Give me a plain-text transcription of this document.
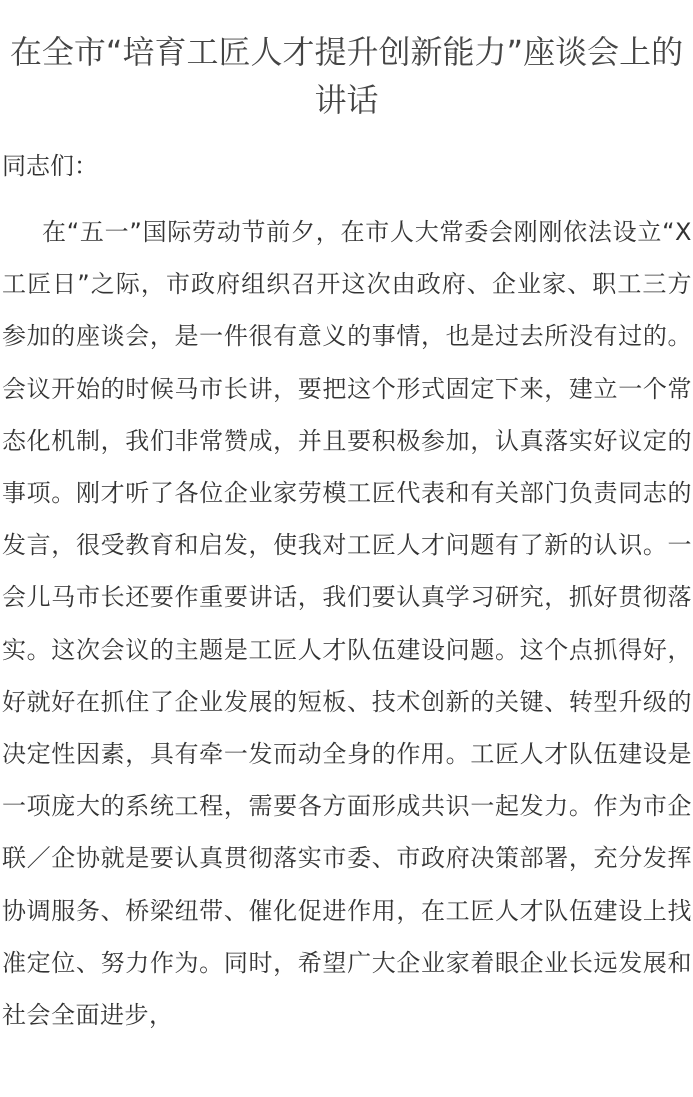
在全市“培育工匠人才提升创新能力”座谈会上的讲话

同志们：

在“五一”国际劳动节前夕，在市人大常委会刚刚依法设立“X工匠日”之际，市政府组织召开这次由政府、企业家、职工三方参加的座谈会，是一件很有意义的事情，也是过去所没有过的。会议开始的时候马市长讲，要把这个形式固定下来，建立一个常态化机制，我们非常赞成，并且要积极参加，认真落实好议定的事项。刚才听了各位企业家劳模工匠代表和有关部门负责同志的发言，很受教育和启发，使我对工匠人才问题有了新的认识。一会儿马市长还要作重要讲话，我们要认真学习研究，抓好贯彻落实。这次会议的主题是工匠人才队伍建设问题。这个点抓得好，好就好在抓住了企业发展的短板、技术创新的关键、转型升级的决定性因素，具有牵一发而动全身的作用。工匠人才队伍建设是一项庞大的系统工程，需要各方面形成共识一起发力。作为市企联／企协就是要认真贯彻落实市委、市政府决策部署，充分发挥协调服务、桥梁纽带、催化促进作用，在工匠人才队伍建设上找准定位、努力作为。同时，希望广大企业家着眼企业长远发展和社会全面进步，
